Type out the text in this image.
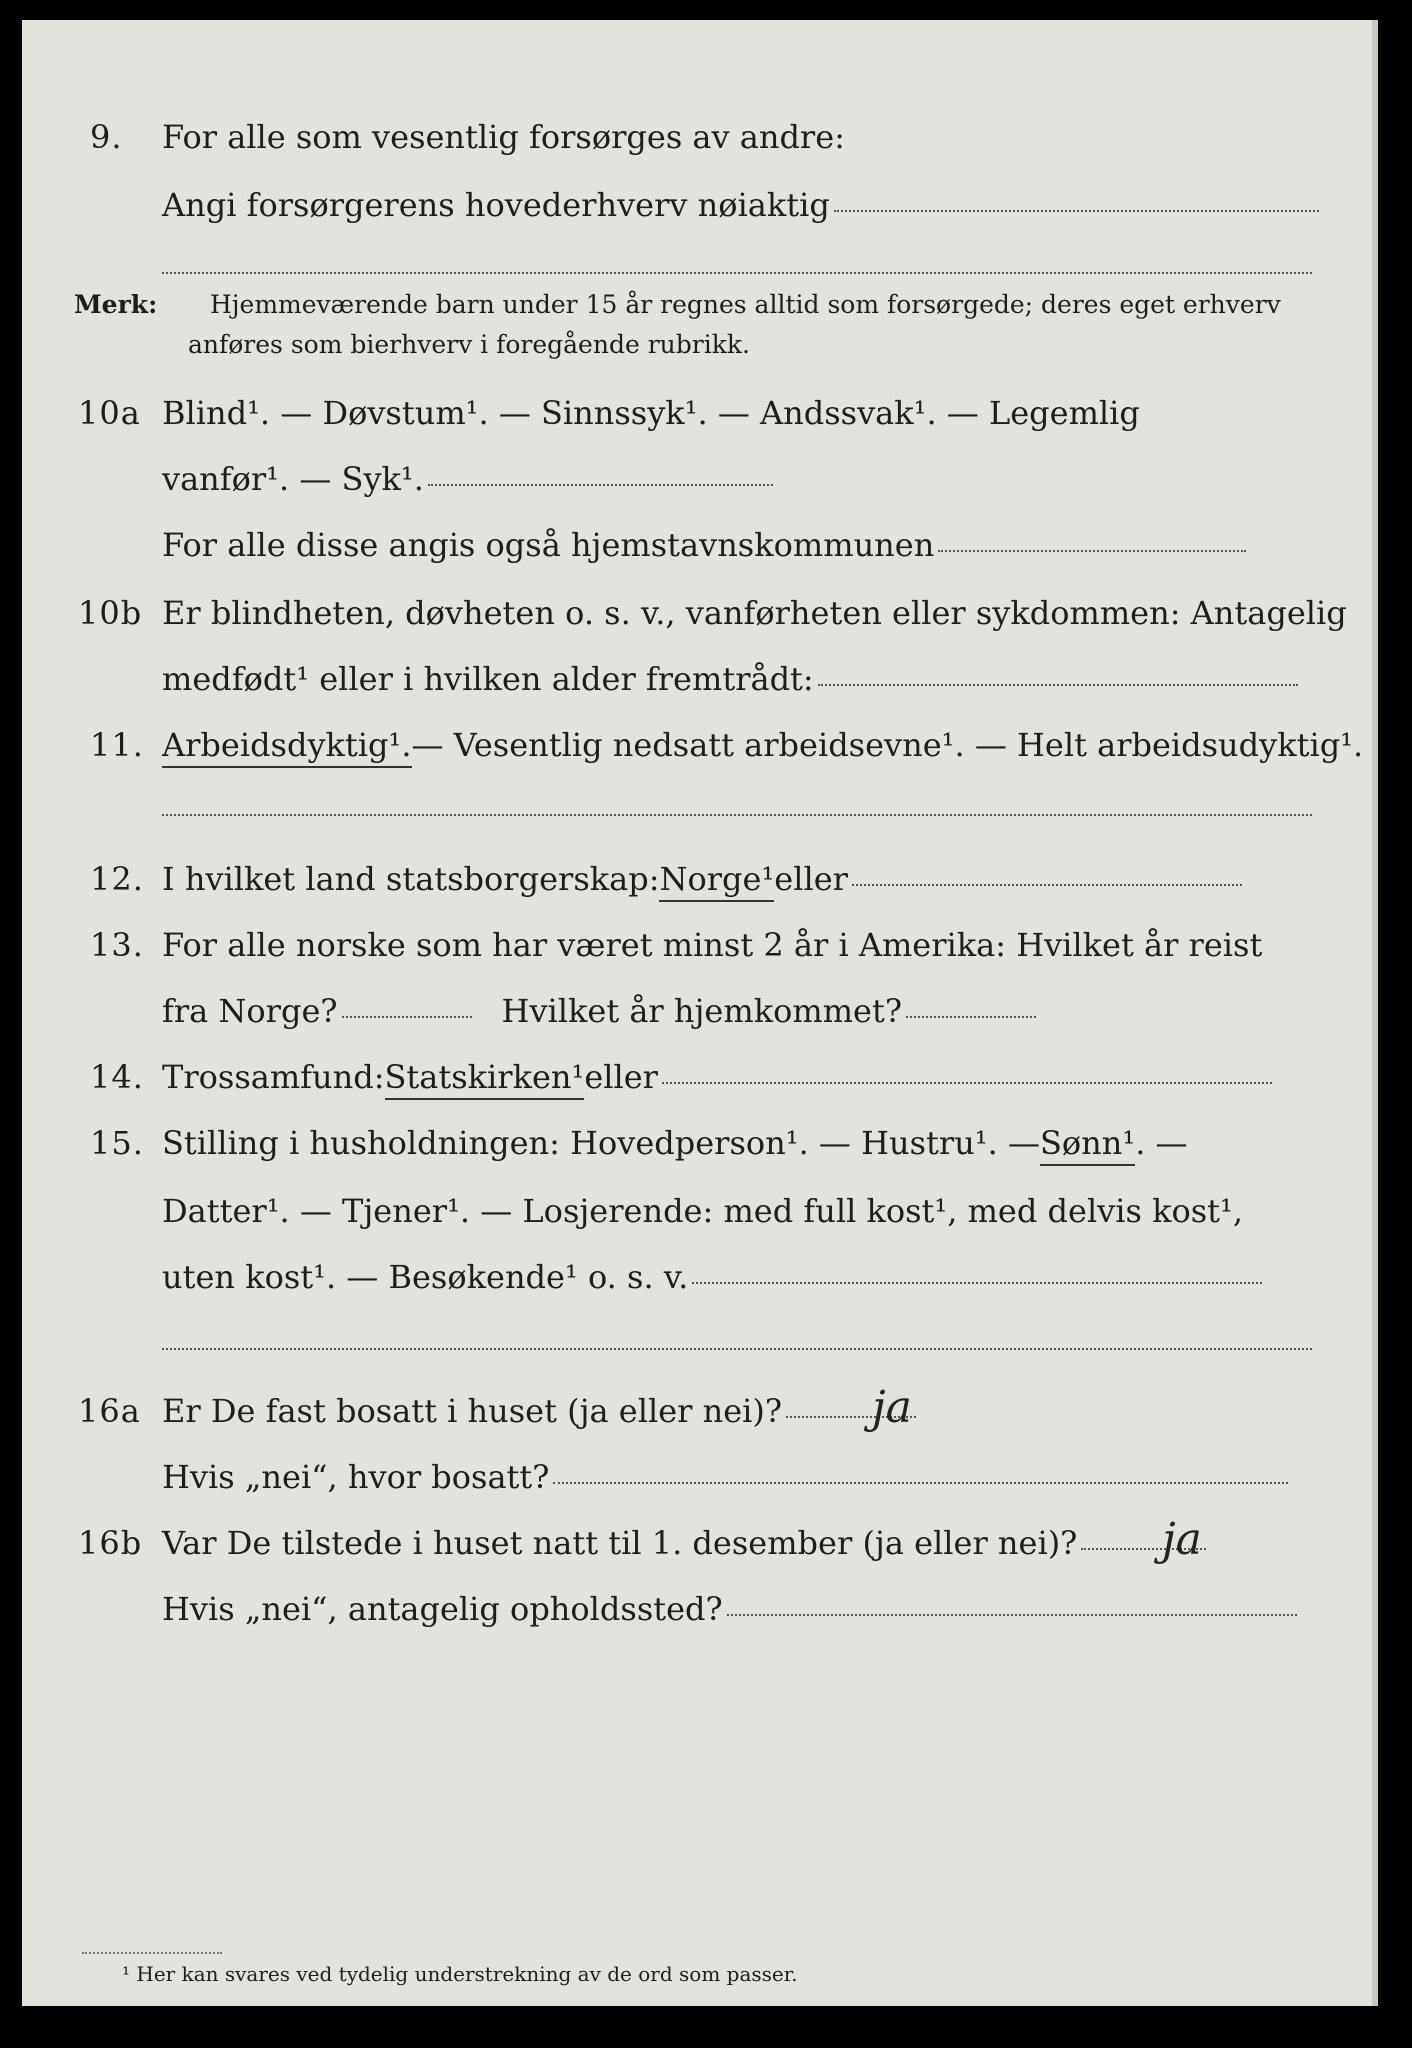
9. For alle som vesentlig forsørges av andre:
Angi forsørgerens hovederhverv nøiaktig
Merk: Hjemmeværende barn under 15 år regnes alltid som forsørgede; deres eget erhverv
anføres som bierhverv i foregående rubrikk.
10a Blind¹. — Døvstum¹. — Sinnssyk¹. — Andssvak¹. — Legemlig
vanfør¹. — Syk¹.
For alle disse angis også hjemstavnskommunen
10b Er blindheten, døvheten o. s. v., vanførheten eller sykdommen: Antagelig
medfødt¹ eller i hvilken alder fremtrådt:
11. Arbeidsdyktig¹. — Vesentlig nedsatt arbeidsevne¹. — Helt arbeidsudyktig¹.
12. I hvilket land statsborgerskap: Norge¹ eller
13. For alle norske som har været minst 2 år i Amerika: Hvilket år reist
fra Norge?	Hvilket år hjemkommet?
14. Trossamfund: Statskirken¹ eller
15. Stilling i husholdningen: Hovedperson¹. — Hustru¹. — Sønn¹ . —
Datter¹. — Tjener¹. — Losjerende: med full kost¹, med delvis kost¹,
uten kost¹. — Besøkende¹ o. s. v.
16a Er De fast bosatt i huset (ja eller nei)? ja
Hvis „nei“, hvor bosatt?
16b Var De tilstede i huset natt til 1. desember (ja eller nei)? ja
Hvis „nei“, antagelig opholdssted?
¹ Her kan svares ved tydelig understrekning av de ord som passer.
